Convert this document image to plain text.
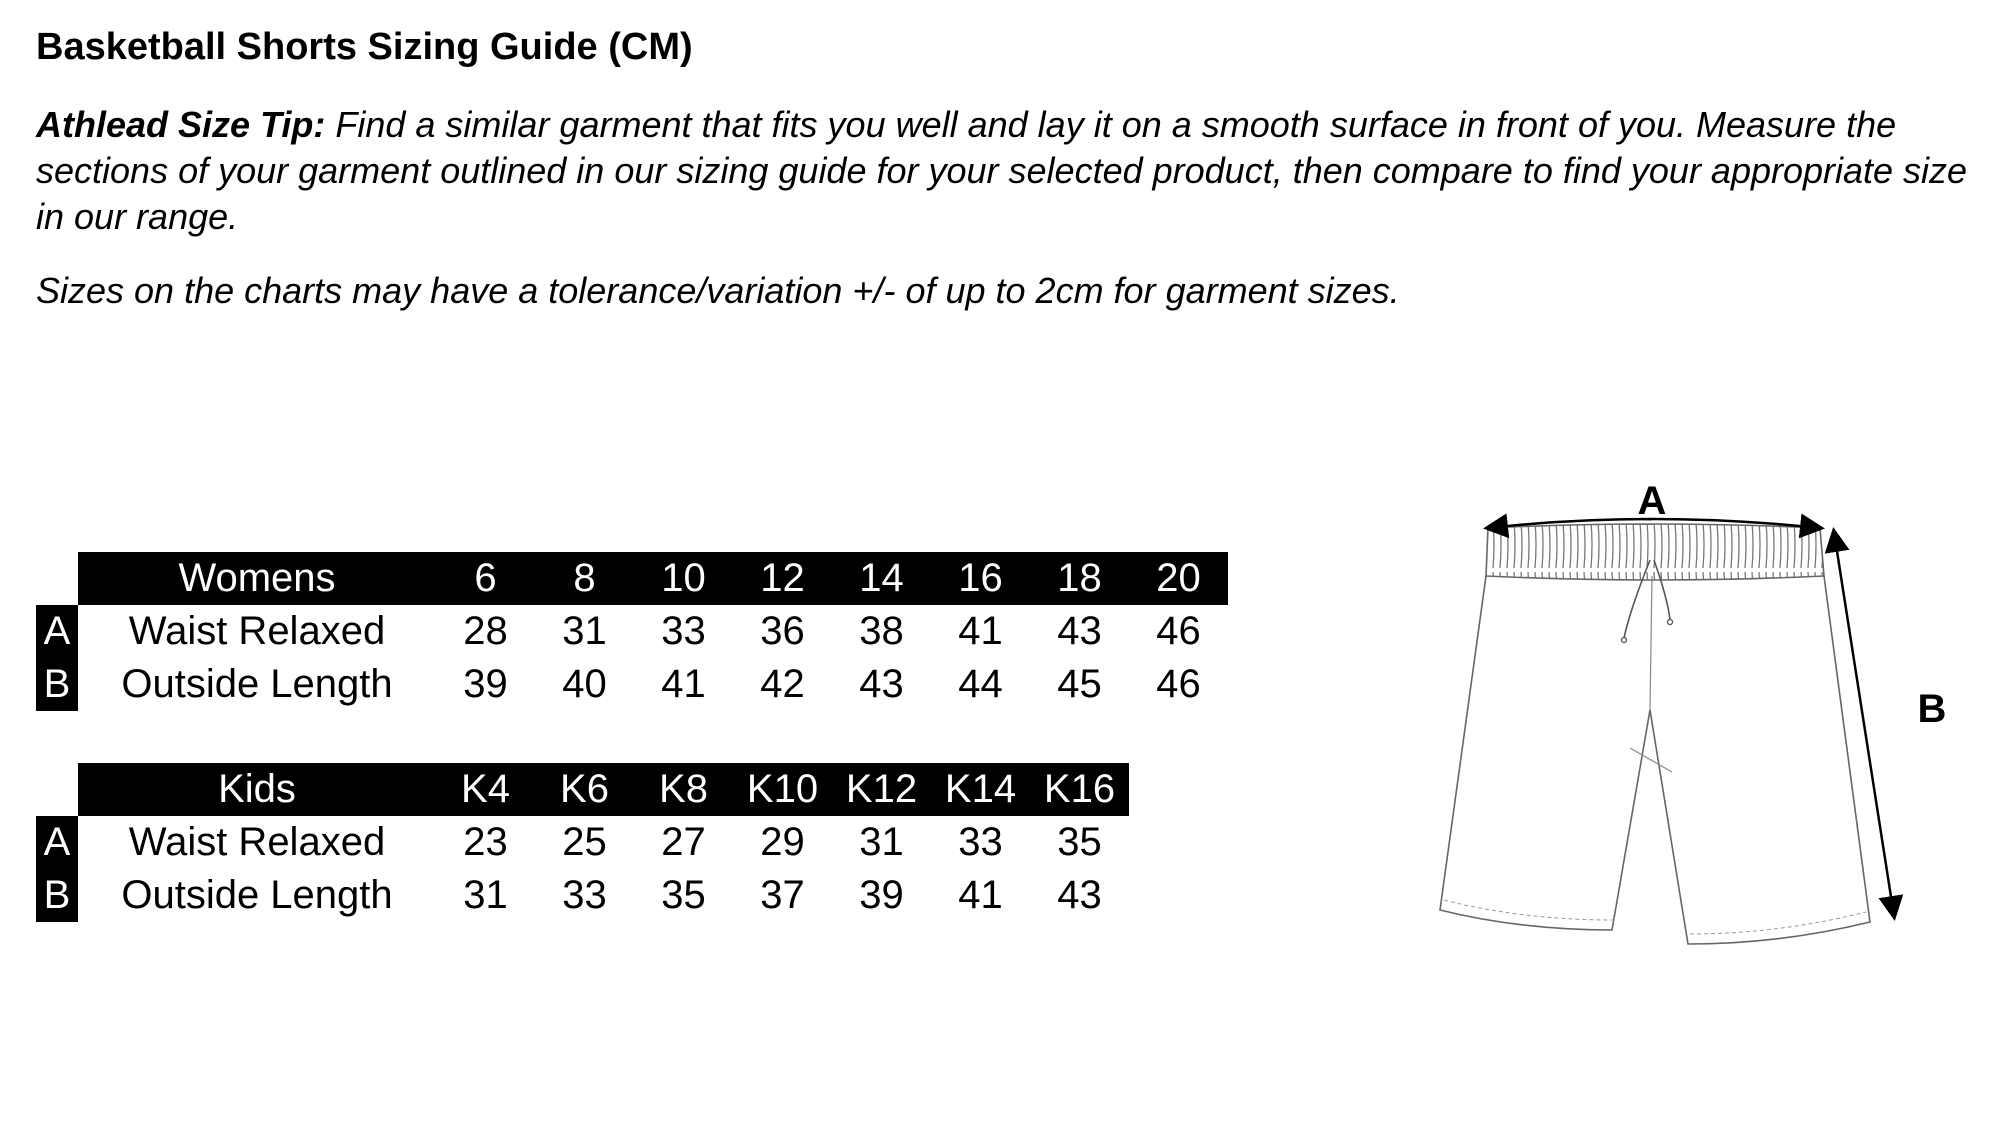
Basketball Shorts Sizing Guide (CM)
Athlead Size Tip: Find a similar garment that fits you well and lay it on a smooth surface in front of you. Measure the sections of your garment outlined in our sizing guide for your selected product, then compare to find your appropriate size in our range.
Sizes on the charts may have a tolerance/variation +/- of up to 2cm for garment sizes.
	Womens	6	8	10	12	14	16	18	20
A	Waist Relaxed	28	31	33	36	38	41	43	46
B	Outside Length	39	40	41	42	43	44	45	46
	Kids	K4	K6	K8	K10	K12	K14	K16
A	Waist Relaxed	23	25	27	29	31	33	35
B	Outside Length	31	33	35	37	39	41	43
A
B
